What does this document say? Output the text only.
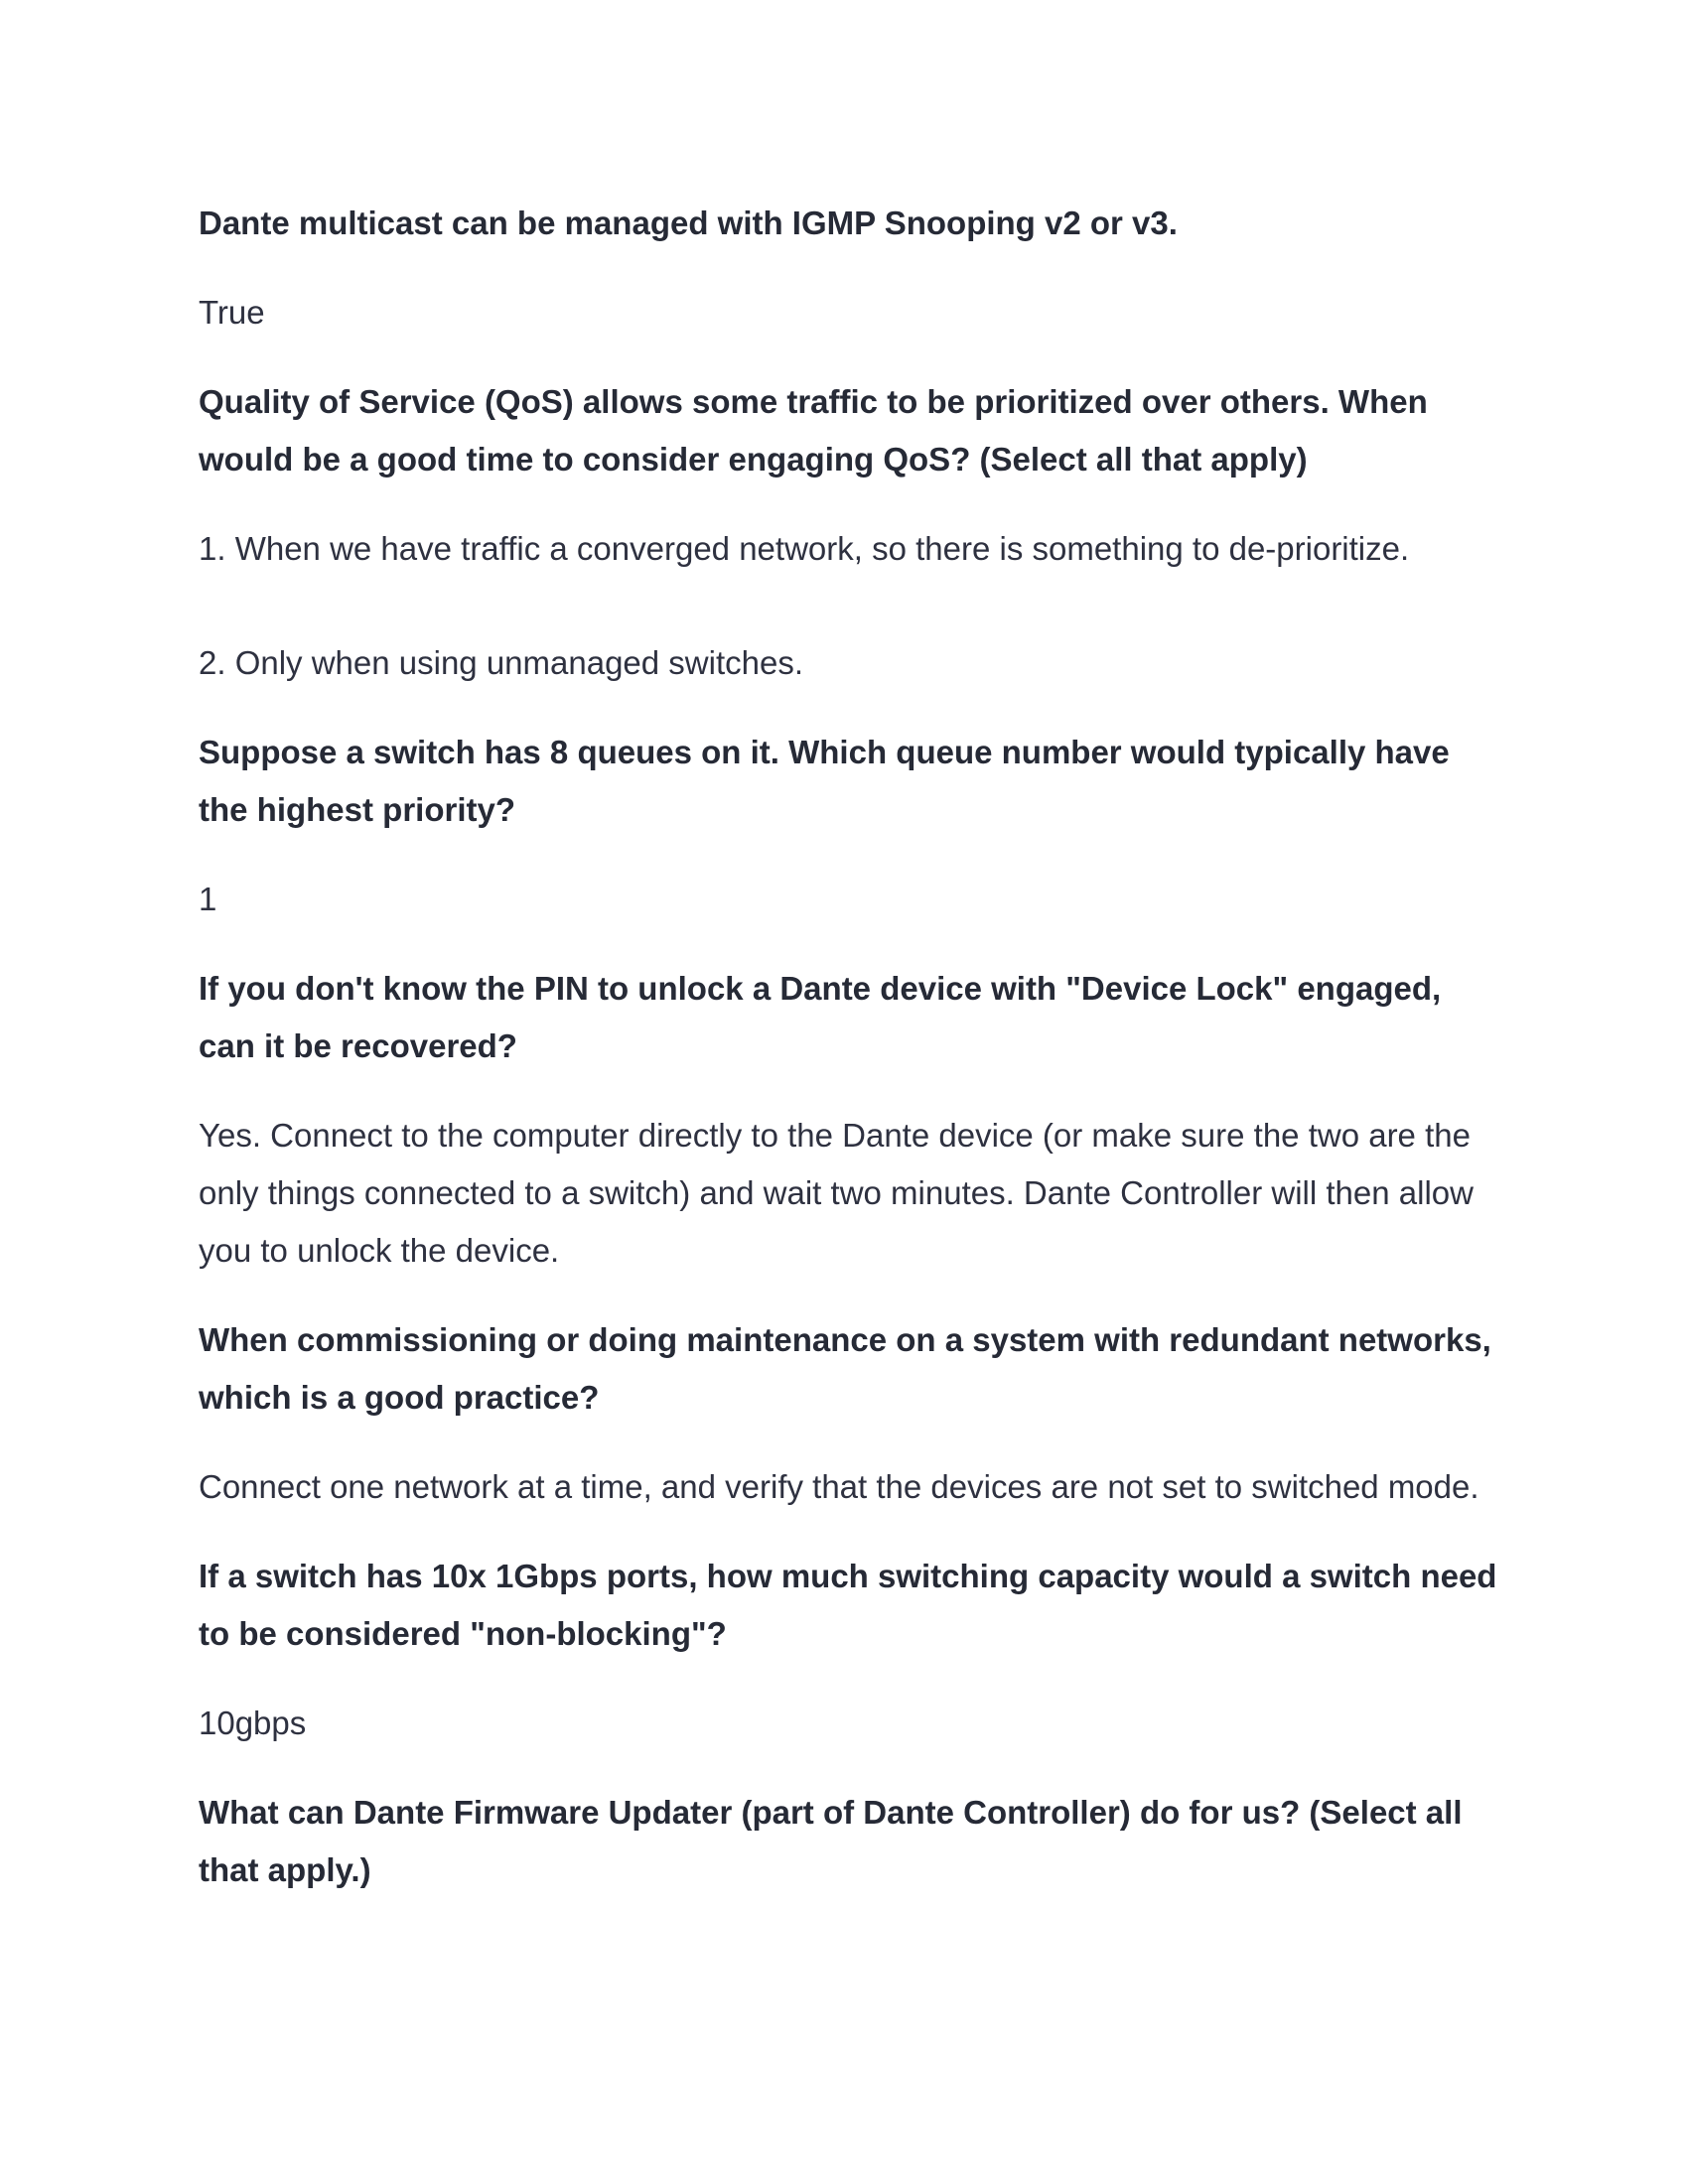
Dante multicast can be managed with IGMP Snooping v2 or v3.

True

Quality of Service (QoS) allows some traffic to be prioritized over others. When would be a good time to consider engaging QoS? (Select all that apply)

1. When we have traffic a converged network, so there is something to de-prioritize.

2. Only when using unmanaged switches.

Suppose a switch has 8 queues on it. Which queue number would typically have the highest priority?

1

If you don't know the PIN to unlock a Dante device with "Device Lock" engaged, can it be recovered?

Yes. Connect to the computer directly to the Dante device (or make sure the two are the only things connected to a switch) and wait two minutes. Dante Controller will then allow you to unlock the device.

When commissioning or doing maintenance on a system with redundant networks, which is a good practice?

Connect one network at a time, and verify that the devices are not set to switched mode.

If a switch has 10x 1Gbps ports, how much switching capacity would a switch need to be considered "non-blocking"?

10gbps

What can Dante Firmware Updater (part of Dante Controller) do for us? (Select all that apply.)
